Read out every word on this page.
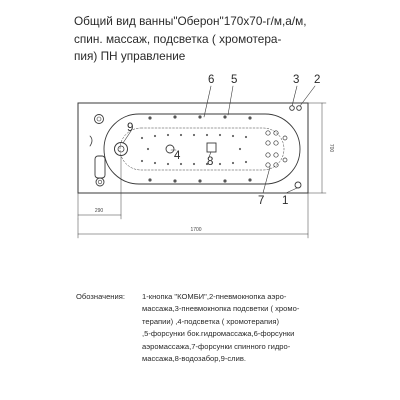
Общий вид ванны"Оберон"170х70-г/м,а/м,
спин. массаж, подсветка ( хромотера-
пия) ПН управление
6 5	3 2
9
4 8
7 1
700
290
1700
Обозначения: 1-кнопка "КОМБИ",2-пневмокнопка аэро-
массажа,3-пневмокнопка подсветки ( хромо-
терапии) ,4-подсветка ( хромотерапия)
,5-форсунки бок.гидромассажа,6-форсунки
аэромассажа,7-форсунки спинного гидро-
массажа,8-водозабор,9-слив.
